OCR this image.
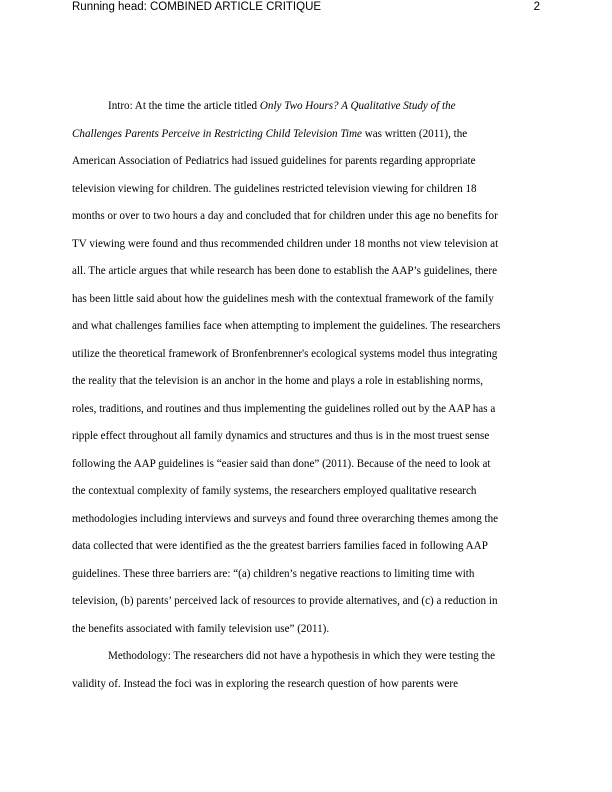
Running head: COMBINED ARTICLE CRITIQUE	2
Intro: At the time the article titled Only Two Hours? A Qualitative Study of the
Challenges Parents Perceive in Restricting Child Television Time was written (2011), the
American Association of Pediatrics had issued guidelines for parents regarding appropriate
television viewing for children. The guidelines restricted television viewing for children 18
months or over to two hours a day and concluded that for children under this age no benefits for
TV viewing were found and thus recommended children under 18 months not view television at
all. The article argues that while research has been done to establish the AAP’s guidelines, there
has been little said about how the guidelines mesh with the contextual framework of the family
and what challenges families face when attempting to implement the guidelines. The researchers
utilize the theoretical framework of Bronfenbrenner's ecological systems model thus integrating
the reality that the television is an anchor in the home and plays a role in establishing norms,
roles, traditions, and routines and thus implementing the guidelines rolled out by the AAP has a
ripple effect throughout all family dynamics and structures and thus is in the most truest sense
following the AAP guidelines is “easier said than done” (2011). Because of the need to look at
the contextual complexity of family systems, the researchers employed qualitative research
methodologies including interviews and surveys and found three overarching themes among the
data collected that were identified as the the greatest barriers families faced in following AAP
guidelines. These three barriers are: “(a) children’s negative reactions to limiting time with
television, (b) parents’ perceived lack of resources to provide alternatives, and (c) a reduction in
the benefits associated with family television use” (2011).
Methodology: The researchers did not have a hypothesis in which they were testing the
validity of. Instead the foci was in exploring the research question of how parents were
